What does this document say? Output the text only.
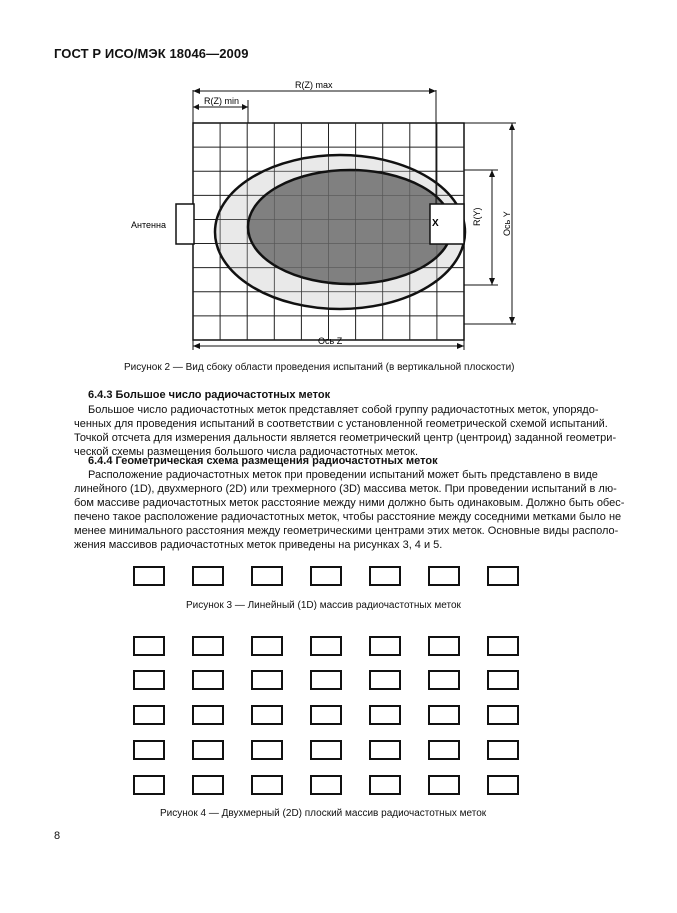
ГОСТ Р ИСО/МЭК 18046—2009
X
R(Z) max
R(Z) min
Антенна	R(Y) Ось Y
Ось Z
Рисунок 2 — Вид сбоку области проведения испытаний (в вертикальной плоскости)
6.4.3 Большое число радиочастотных меток
Большое число радиочастотных меток представляет собой группу радиочастотных меток, упорядо-
ченных для проведения испытаний в соответствии с установленной геометрической схемой испытаний.
Точкой отсчета для измерения дальности является геометрический центр (центроид) заданной геометри-
ческой схемы размещения большого числа радиочастотных меток.
6.4.4 Геометрическая схема размещения радиочастотных меток
Расположение радиочастотных меток при проведении испытаний может быть представлено в виде
линейного (1D), двухмерного (2D) или трехмерного (3D) массива меток. При проведении испытаний в лю-
бом массиве радиочастотных меток расстояние между ними должно быть одинаковым. Должно быть обес-
печено такое расположение радиочастотных меток, чтобы расстояние между соседними метками было не
менее минимального расстояния между геометрическими центрами этих меток. Основные виды располо-
жения массивов радиочастотных меток приведены на рисунках 3, 4 и 5.
Рисунок 3 — Линейный (1D) массив радиочастотных меток
Рисунок 4 — Двухмерный (2D) плоский массив радиочастотных меток
8
